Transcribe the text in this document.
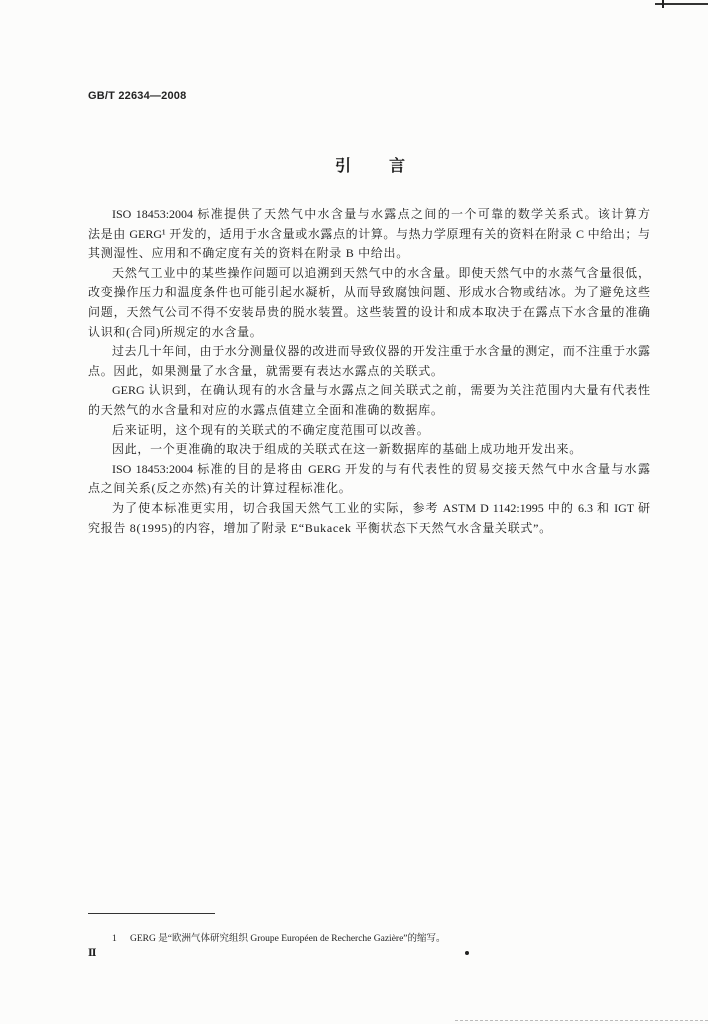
GB/T 22634—2008
引　言
ISO 18453:2004 标准提供了天然气中水含量与水露点之间的一个可靠的数学关系式。该计算方
法是由 GERG¹ 开发的，适用于水含量或水露点的计算。与热力学原理有关的资料在附录 C 中给出；与
其测湿性、应用和不确定度有关的资料在附录 B 中给出。
天然气工业中的某些操作问题可以追溯到天然气中的水含量。即使天然气中的水蒸气含量很低，
改变操作压力和温度条件也可能引起水凝析，从而导致腐蚀问题、形成水合物或结冰。为了避免这些
问题，天然气公司不得不安装昂贵的脱水装置。这些装置的设计和成本取决于在露点下水含量的准确
认识和(合同)所规定的水含量。
过去几十年间，由于水分测量仪器的改进而导致仪器的开发注重于水含量的测定，而不注重于水露
点。因此，如果测量了水含量，就需要有表达水露点的关联式。
GERG 认识到，在确认现有的水含量与水露点之间关联式之前，需要为关注范围内大量有代表性
的天然气的水含量和对应的水露点值建立全面和准确的数据库。
后来证明，这个现有的关联式的不确定度范围可以改善。
因此，一个更准确的取决于组成的关联式在这一新数据库的基础上成功地开发出来。
ISO 18453:2004 标准的目的是将由 GERG 开发的与有代表性的贸易交接天然气中水含量与水露
点之间关系(反之亦然)有关的计算过程标准化。
为了使本标准更实用，切合我国天然气工业的实际，参考 ASTM D 1142:1995 中的 6.3 和 IGT 研
究报告 8(1995)的内容，增加了附录 E“Bukacek 平衡状态下天然气水含量关联式”。
1 GERG 是“欧洲气体研究组织 Groupe Européen de Recherche Gazière”的缩写。
Ⅱ
